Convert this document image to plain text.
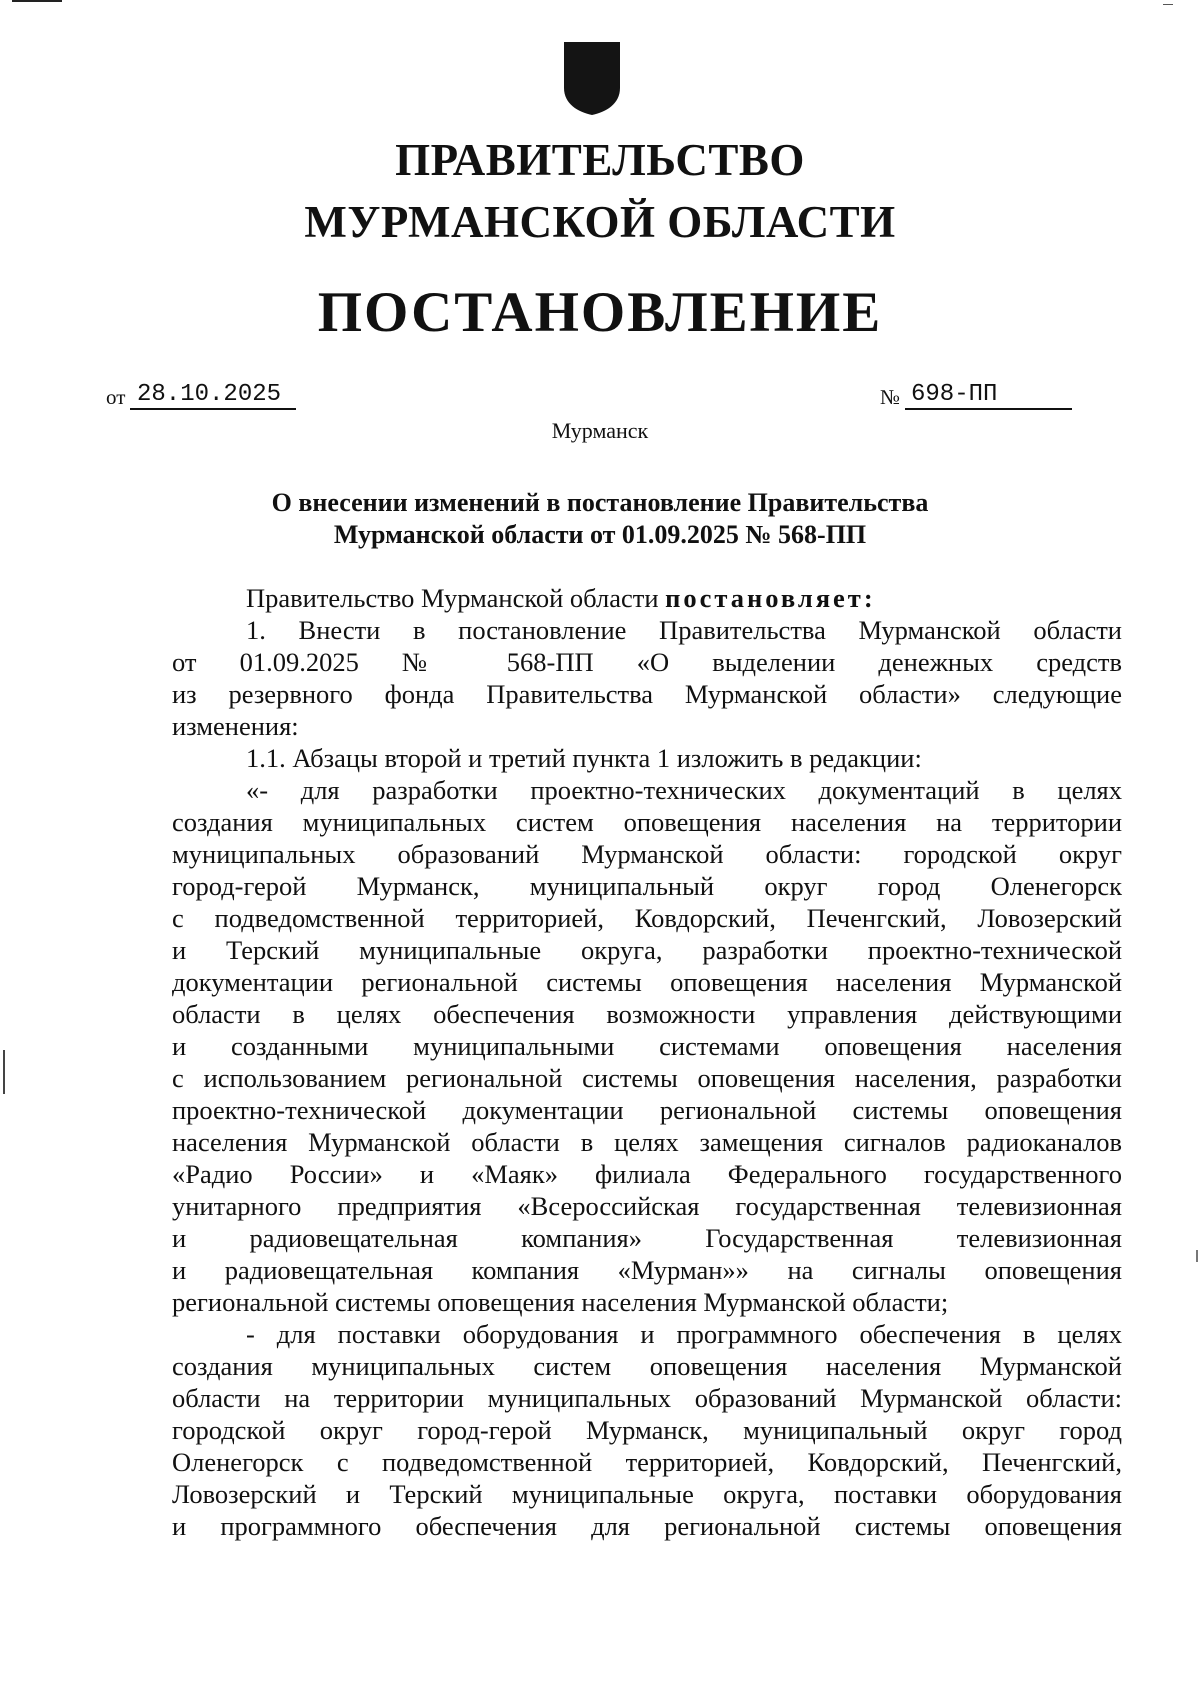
ПРАВИТЕЛЬСТВО
МУРМАНСКОЙ ОБЛАСТИ
ПОСТАНОВЛЕНИЕ
от 28.10.2025	№ 698-ПП
Мурманск
О внесении изменений в постановление Правительства
Мурманской области от 01.09.2025 № 568-ПП

Правительство Мурманской области постановляет:

1. Внести в постановление Правительства Мурманской области

от 01.09.2025 № 568-ПП «О выделении денежных средств

из резервного фонда Правительства Мурманской области» следующие

изменения:

1.1. Абзацы второй и третий пункта 1 изложить в редакции:

«- для разработки проектно-технических документаций в целях

создания муниципальных систем оповещения населения на территории

муниципальных образований Мурманской области: городской округ

город-герой Мурманск, муниципальный округ город Оленегорск

с подведомственной территорией, Ковдорский, Печенгский, Ловозерский

и Терский муниципальные округа, разработки проектно-технической

документации региональной системы оповещения населения Мурманской

области в целях обеспечения возможности управления действующими

и созданными муниципальными системами оповещения населения

с использованием региональной системы оповещения населения, разработки

проектно-технической документации региональной системы оповещения

населения Мурманской области в целях замещения сигналов радиоканалов

«Радио России» и «Маяк» филиала Федерального государственного

унитарного предприятия «Всероссийская государственная телевизионная

и радиовещательная компания» Государственная телевизионная

и радиовещательная компания «Мурман»» на сигналы оповещения

региональной системы оповещения населения Мурманской области;

- для поставки оборудования и программного обеспечения в целях

создания муниципальных систем оповещения населения Мурманской

области на территории муниципальных образований Мурманской области:

городской округ город-герой Мурманск, муниципальный округ город

Оленегорск с подведомственной территорией, Ковдорский, Печенгский,

Ловозерский и Терский муниципальные округа, поставки оборудования

и программного обеспечения для региональной системы оповещения
